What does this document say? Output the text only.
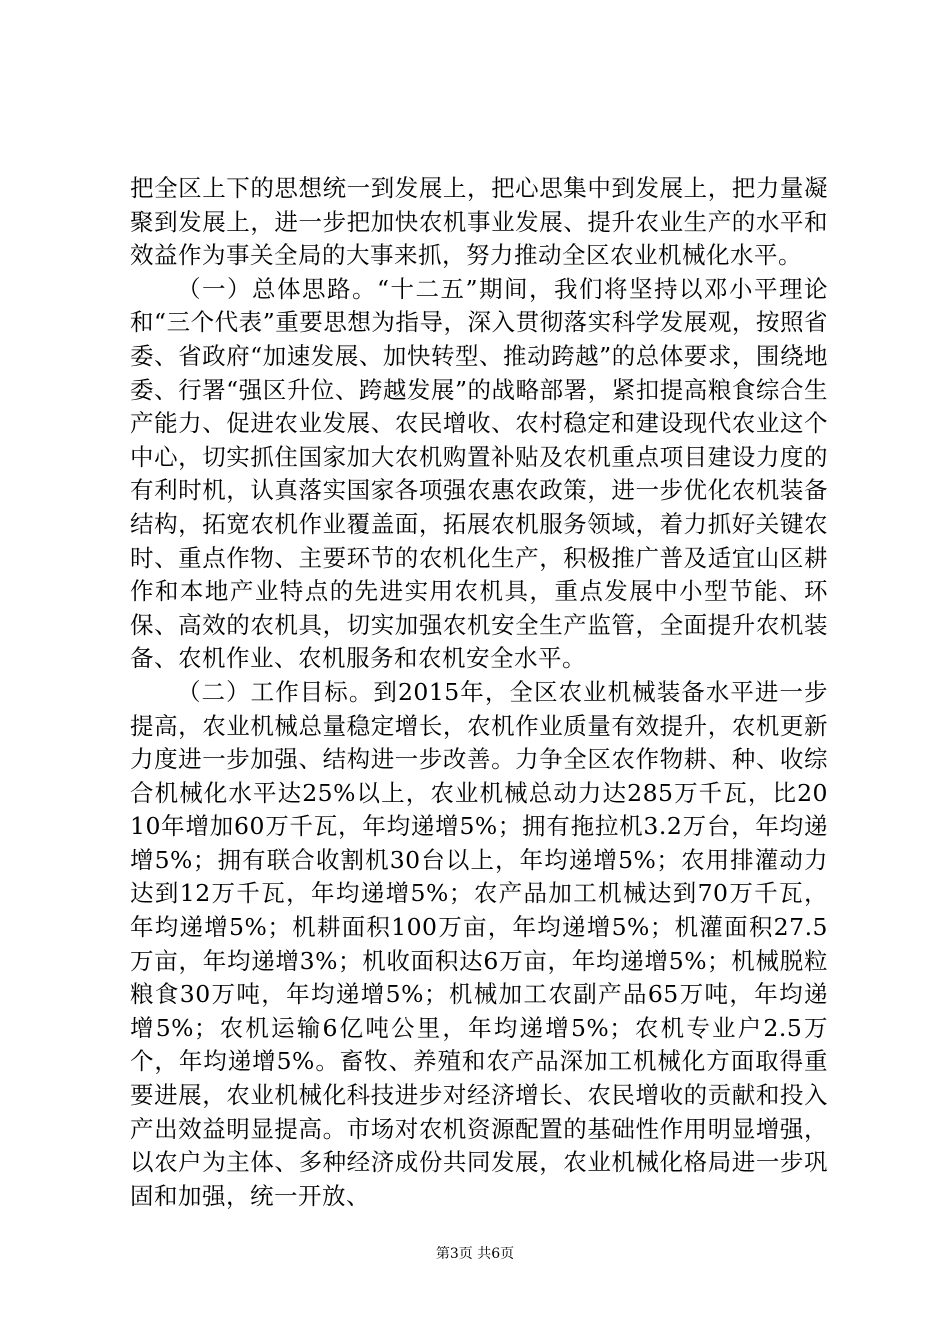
把全区上下的思想统一到发展上，把心思集中到发展上，把力量凝聚到发展上，进一步把加快农机事业发展、提升农业生产的水平和效益作为事关全局的大事来抓，努力推动全区农业机械化水平。

（一）总体思路。“十二五”期间，我们将坚持以邓小平理论和“三个代表”重要思想为指导，深入贯彻落实科学发展观，按照省委、省政府“加速发展、加快转型、推动跨越”的总体要求，围绕地委、行署“强区升位、跨越发展”的战略部署，紧扣提高粮食综合生产能力、促进农业发展、农民增收、农村稳定和建设现代农业这个中心，切实抓住国家加大农机购置补贴及农机重点项目建设力度的有利时机，认真落实国家各项强农惠农政策，进一步优化农机装备结构，拓宽农机作业覆盖面，拓展农机服务领域，着力抓好关键农时、重点作物、主要环节的农机化生产，积极推广普及适宜山区耕作和本地产业特点的先进实用农机具，重点发展中小型节能、环保、高效的农机具，切实加强农机安全生产监管，全面提升农机装备、农机作业、农机服务和农机安全水平。

（二）工作目标。到2015年，全区农业机械装备水平进一步提高，农业机械总量稳定增长，农机作业质量有效提升，农机更新力度进一步加强、结构进一步改善。力争全区农作物耕、种、收综合机械化水平达25%以上，农业机械总动力达285万千瓦，比2010年增加60万千瓦，年均递增5%；拥有拖拉机3.2万台，年均递增5%；拥有联合收割机30台以上，年均递增5%；农用排灌动力达到12万千瓦，年均递增5%；农产品加工机械达到70万千瓦，年均递增5%；机耕面积100万亩，年均递增5%；机灌面积27.5万亩，年均递增3%；机收面积达6万亩，年均递增5%；机械脱粒粮食30万吨，年均递增5%；机械加工农副产品65万吨，年均递增5%；农机运输6亿吨公里，年均递增5%；农机专业户2.5万个，年均递增5%。畜牧、养殖和农产品深加工机械化方面取得重要进展，农业机械化科技进步对经济增长、农民增收的贡献和投入产出效益明显提高。市场对农机资源配置的基础性作用明显增强，以农户为主体、多种经济成份共同发展，农业机械化格局进一步巩固和加强，统一开放、

第3页 共6页
